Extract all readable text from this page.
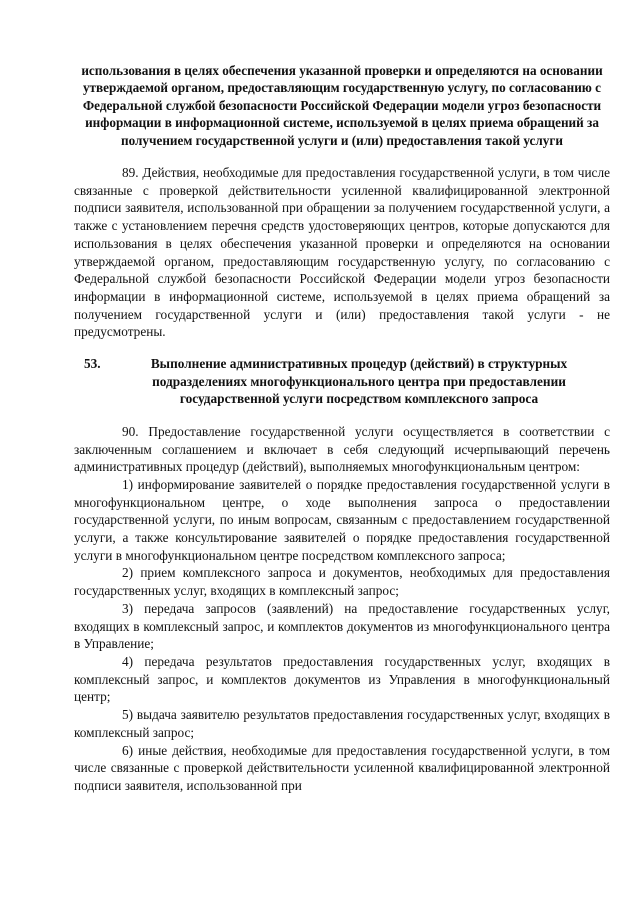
использования в целях обеспечения указанной проверки и определяются на основании утверждаемой органом, предоставляющим государственную услугу, по согласованию с Федеральной службой безопасности Российской Федерации модели угроз безопасности информации в информационной системе, используемой в целях приема обращений за получением государственной услуги и (или) предоставления такой услуги

89. Действия, необходимые для предоставления государственной услуги, в том числе связанные с проверкой действительности усиленной квалифицированной электронной подписи заявителя, использованной при обращении за получением государственной услуги, а также с установлением перечня средств удостоверяющих центров, которые допускаются для использования в целях обеспечения указанной проверки и определяются на основании утверждаемой органом, предоставляющим государственную услугу, по согласованию с Федеральной службой безопасности Российской Федерации модели угроз безопасности информации в информационной системе, используемой в целях приема обращений за получением государственной услуги и (или) предоставления такой услуги - не предусмотрены.

53.	Выполнение административных процедур (действий) в структурных подразделениях многофункционального центра при предоставлении государственной услуги посредством комплексного запроса

90. Предоставление государственной услуги осуществляется в соответствии с заключенным соглашением и включает в себя следующий исчерпывающий перечень административных процедур (действий), выполняемых многофункциональным центром:

1) информирование заявителей о порядке предоставления государственной услуги в многофункциональном центре, о ходе выполнения запроса о предоставлении государственной услуги, по иным вопросам, связанным с предоставлением государственной услуги, а также консультирование заявителей о порядке предоставления государственной услуги в многофункциональном центре посредством комплексного запроса;

2) прием комплексного запроса и документов, необходимых для предоставления государственных услуг, входящих в комплексный запрос;

3) передача запросов (заявлений) на предоставление государственных услуг, входящих в комплексный запрос, и комплектов документов из многофункционального центра в Управление;

4) передача результатов предоставления государственных услуг, входящих в комплексный запрос, и комплектов документов из Управления в многофункциональный центр;

5) выдача заявителю результатов предоставления государственных услуг, входящих в комплексный запрос;

6) иные действия, необходимые для предоставления государственной услуги, в том числе связанные с проверкой действительности усиленной квалифицированной электронной подписи заявителя, использованной при
